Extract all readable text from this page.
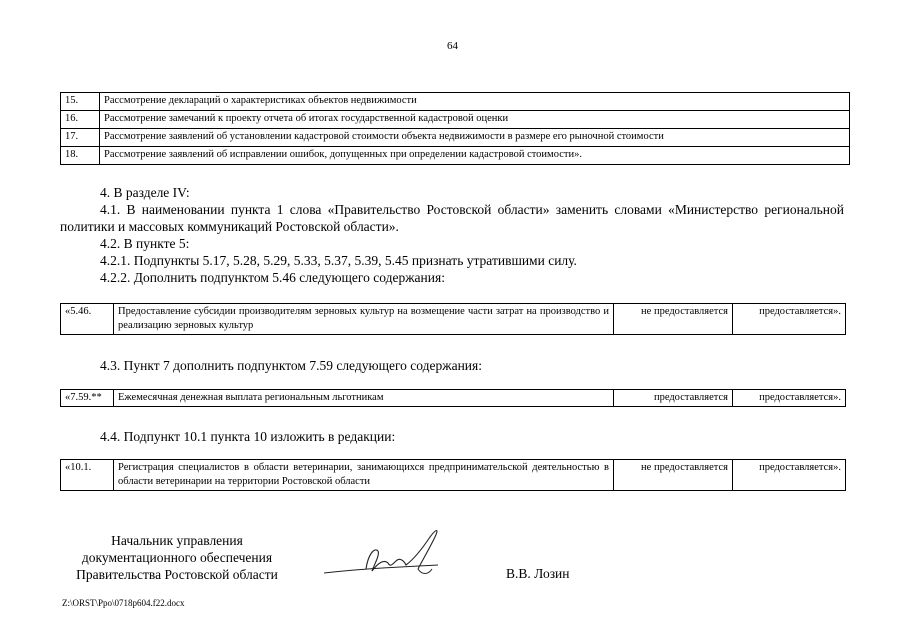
64
15.	Рассмотрение деклараций о характеристиках объектов недвижимости
16.	Рассмотрение замечаний к проекту отчета об итогах государственной кадастровой оценки
17.	Рассмотрение заявлений об установлении кадастровой стоимости объекта недвижимости в размере его рыночной стоимости
18.	Рассмотрение заявлений об исправлении ошибок, допущенных при определении кадастровой стоимости».
4. В разделе IV:
4.1. В наименовании пункта 1 слова «Правительство Ростовской области» заменить словами «Министерство региональной политики и массовых коммуникаций Ростовской области».
4.2. В пункте 5:
4.2.1. Подпункты 5.17, 5.28, 5.29, 5.33, 5.37, 5.39, 5.45 признать утратившими силу.
4.2.2. Дополнить подпунктом 5.46 следующего содержания:
«5.46.	Предоставление субсидии производителям зерновых культур на возмещение части затрат на производство и реализацию зерновых культур	не предоставляется	предоставляется».
4.3. Пункт 7 дополнить подпунктом 7.59 следующего содержания:
«7.59.**	Ежемесячная денежная выплата региональным льготникам	предоставляется	предоставляется».
4.4. Подпункт 10.1 пункта 10 изложить в редакции:
«10.1.	Регистрация специалистов в области ветеринарии, занимающихся предпринимательской деятельностью в области ветеринарии на территории Ростовской области	не предоставляется	предоставляется».
Начальник управления
документационного обеспечения
Правительства Ростовской области	В.В. Лозин
Z:\ORST\Ppo\0718p604.f22.docx
